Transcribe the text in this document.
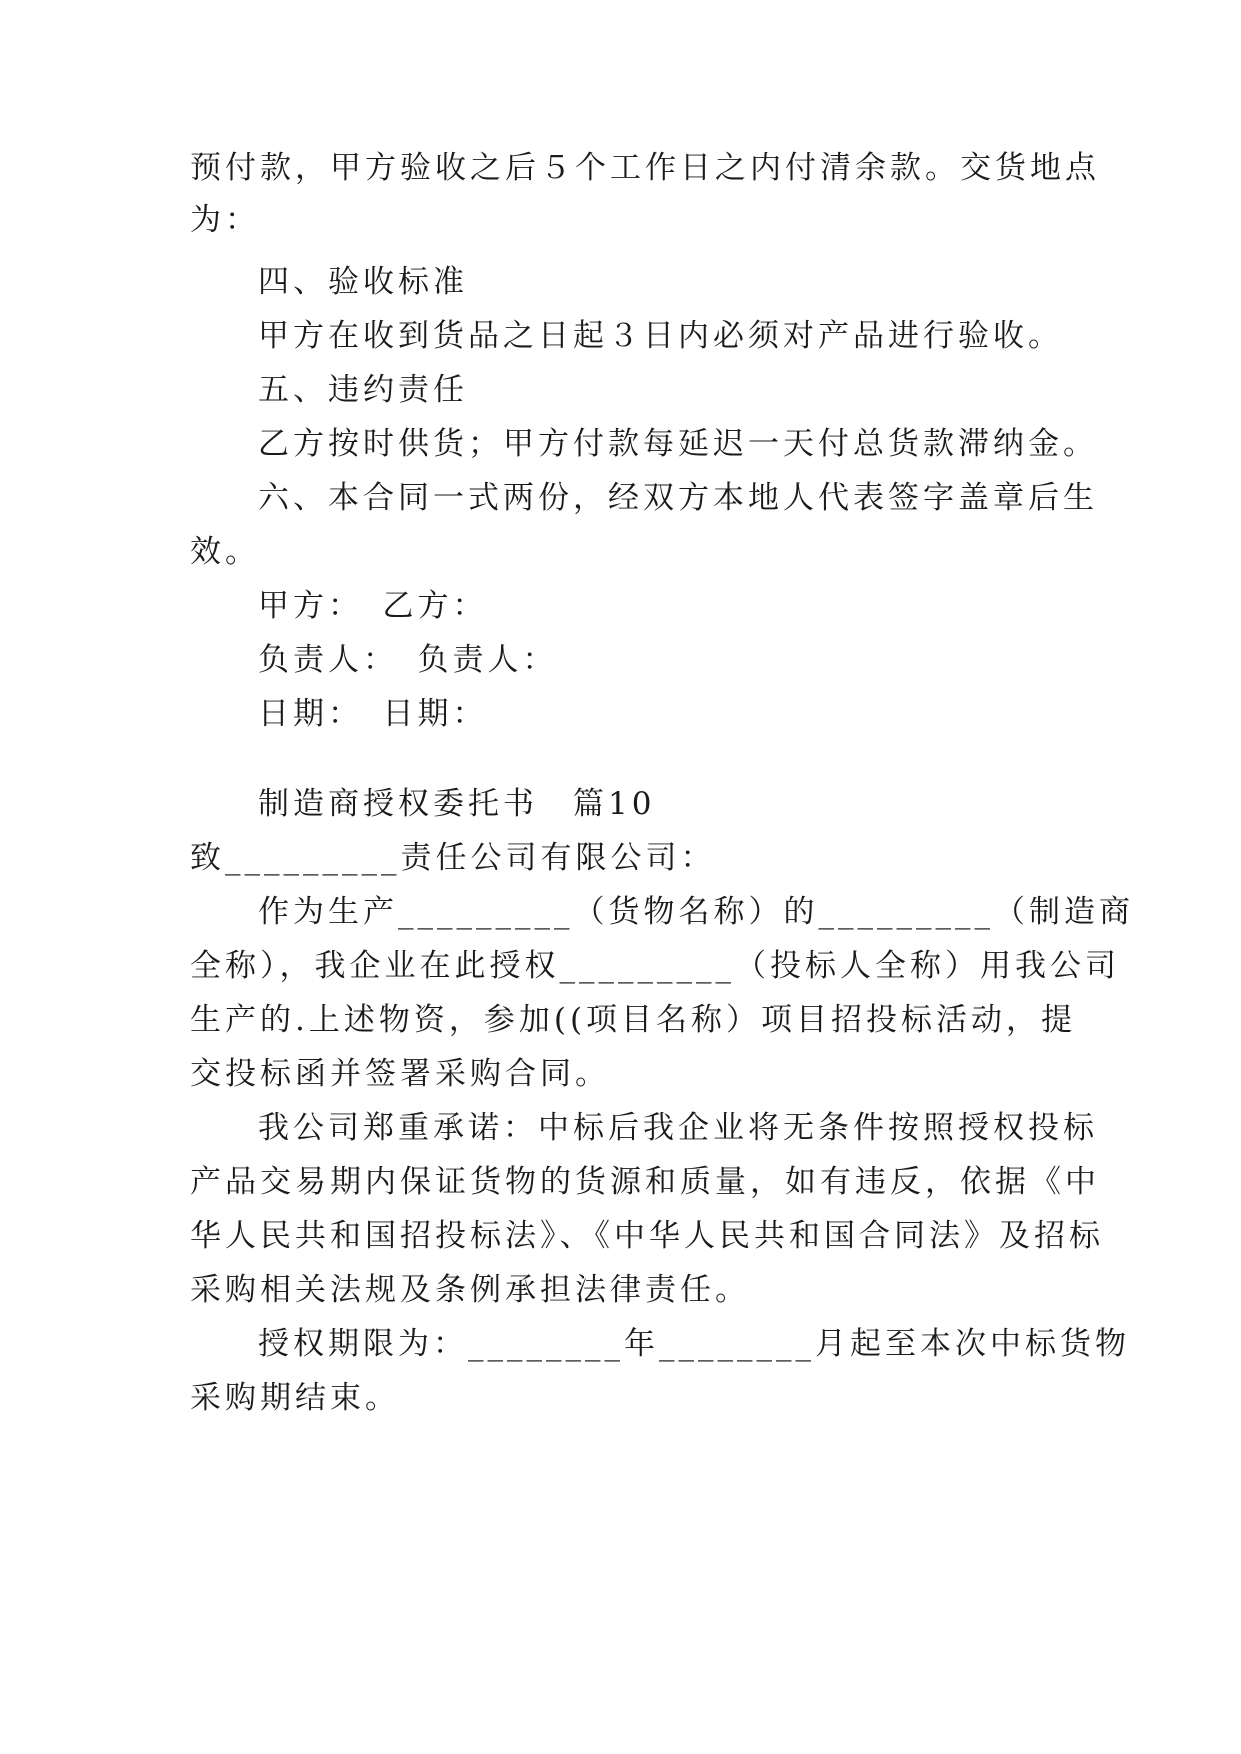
预付款，甲方验收之后５个工作日之内付清余款。交货地点
为：
四、验收标准
甲方在收到货品之日起３日内必须对产品进行验收。
五、违约责任
乙方按时供货；甲方付款每延迟一天付总货款滞纳金。
六、本合同一式两份，经双方本地人代表签字盖章后生
效。
甲方：　乙方：
负责人：　负责人：
日期：　日期：
制造商授权委托书　篇10
致_________责任公司有限公司：
作为生产_________（货物名称）的_________（制造商
全称），我企业在此授权_________（投标人全称）用我公司
生产的.上述物资，参加((项目名称）项目招投标活动，提
交投标函并签署采购合同。
我公司郑重承诺：中标后我企业将无条件按照授权投标
产品交易期内保证货物的货源和质量，如有违反，依据《中
华人民共和国招投标法》、《中华人民共和国合同法》及招标
采购相关法规及条例承担法律责任。
授权期限为：________年________月起至本次中标货物
采购期结束。
